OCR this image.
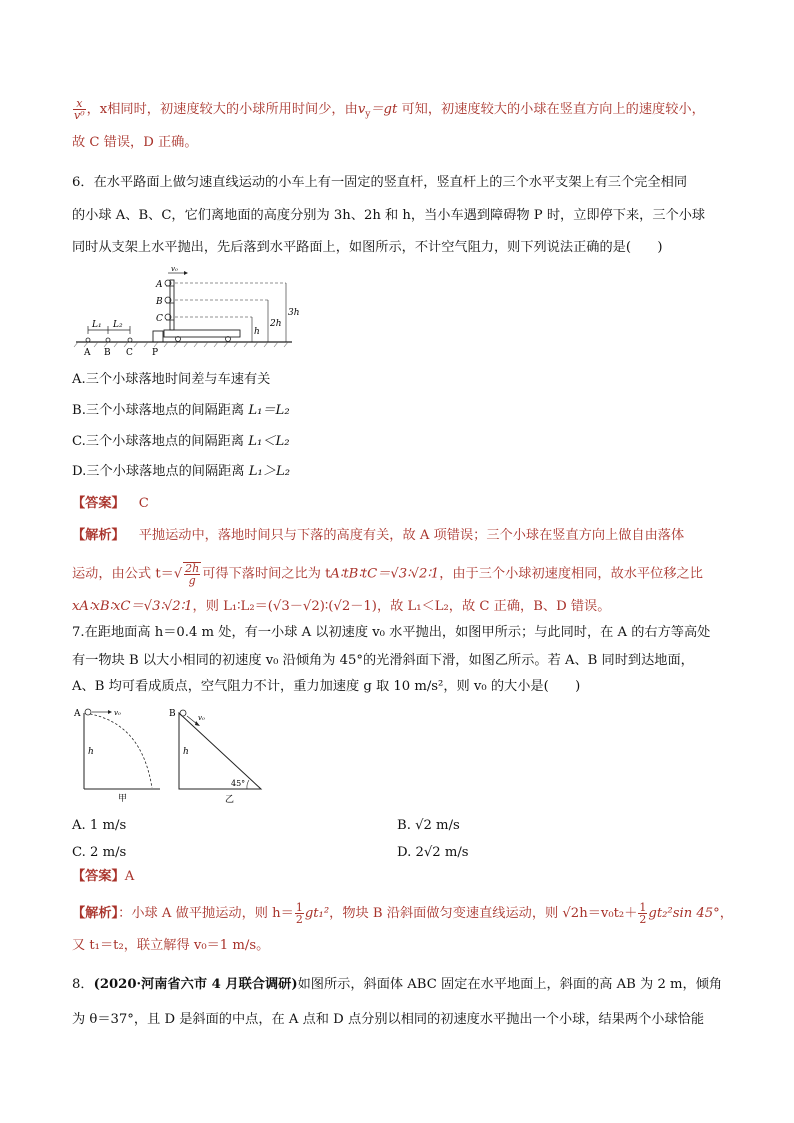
$\frac{x}{\text{v⁰}}$ ，x相同时，初速度较大的小球所用时间少，由$v_y=gt$ 可知，初速度较大的小球在竖直方向上的速度较小，
故 C 错误，D 正确。
6．在水平路面上做匀速直线运动的小车上有一固定的竖直杆，竖直杆上的三个水平支架上有三个完全相同
的小球 A、B、C，它们离地面的高度分别为 3h、2h 和 h，当小车遇到障碍物 P 时，立即停下来，三个小球
同时从支架上水平抛出，先后落到水平路面上，如图所示，不计空气阻力，则下列说法正确的是(　　)
L₁ L₂
A B C P
A
B
C
v₀
3h
2h
h
A.三个小球落地时间差与车速有关
B.三个小球落地点的间隔距离 L₁＝L₂
C.三个小球落地点的间隔距离 L₁＜L₂
D.三个小球落地点的间隔距离 L₁＞L₂
【答案】 C
【解析】 平抛运动中，落地时间只与下落的高度有关，故 A 项错误；三个小球在竖直方向上做自由落体
运动，由公式 $t=√ \frac{2h}{g}$ 可得下落时间之比为 tA∶tB∶tC＝√3∶√2∶1，由于三个小球初速度相同，故水平位移之比
xA∶xB∶xC＝√3∶√2∶1，则 L₁∶L₂＝(√3－√2)∶(√2－1)，故 L₁＜L₂，故 C 正确，B、D 错误。
7.在距地面高 h＝0.4 m 处，有一小球 A 以初速度 v₀ 水平抛出，如图甲所示；与此同时，在 A 的右方等高处
有一物块 B 以大小相同的初速度 v₀ 沿倾角为 45°的光滑斜面下滑，如图乙所示。若 A、B 同时到达地面，
A、B 均可看成质点，空气阻力不计，重力加速度 g 取 10 m/s²，则 v₀ 的大小是(　　)
A	v₀
h
甲
B	v₀
h
45°
乙
A. 1 m/s	B. √2 m/s
C. 2 m/s	D. 2√2 m/s
【答案】A
【解析】：小球 A 做平抛运动，则 $h= \frac{1}{2} gt_1^2$，物块 B 沿斜面做匀变速直线运动，则 $√2h=v_0t_2+ \frac{1}{2} gt_2^2\sin$ 45°，
又 t₁＝t₂，联立解得 v₀＝1 m/s。
8．(2020·河南省六市 4 月联合调研)如图所示，斜面体 ABC 固定在水平地面上，斜面的高 AB 为 2 m，倾角
为 θ＝37°，且 D 是斜面的中点，在 A 点和 D 点分别以相同的初速度水平抛出一个小球，结果两个小球恰能
